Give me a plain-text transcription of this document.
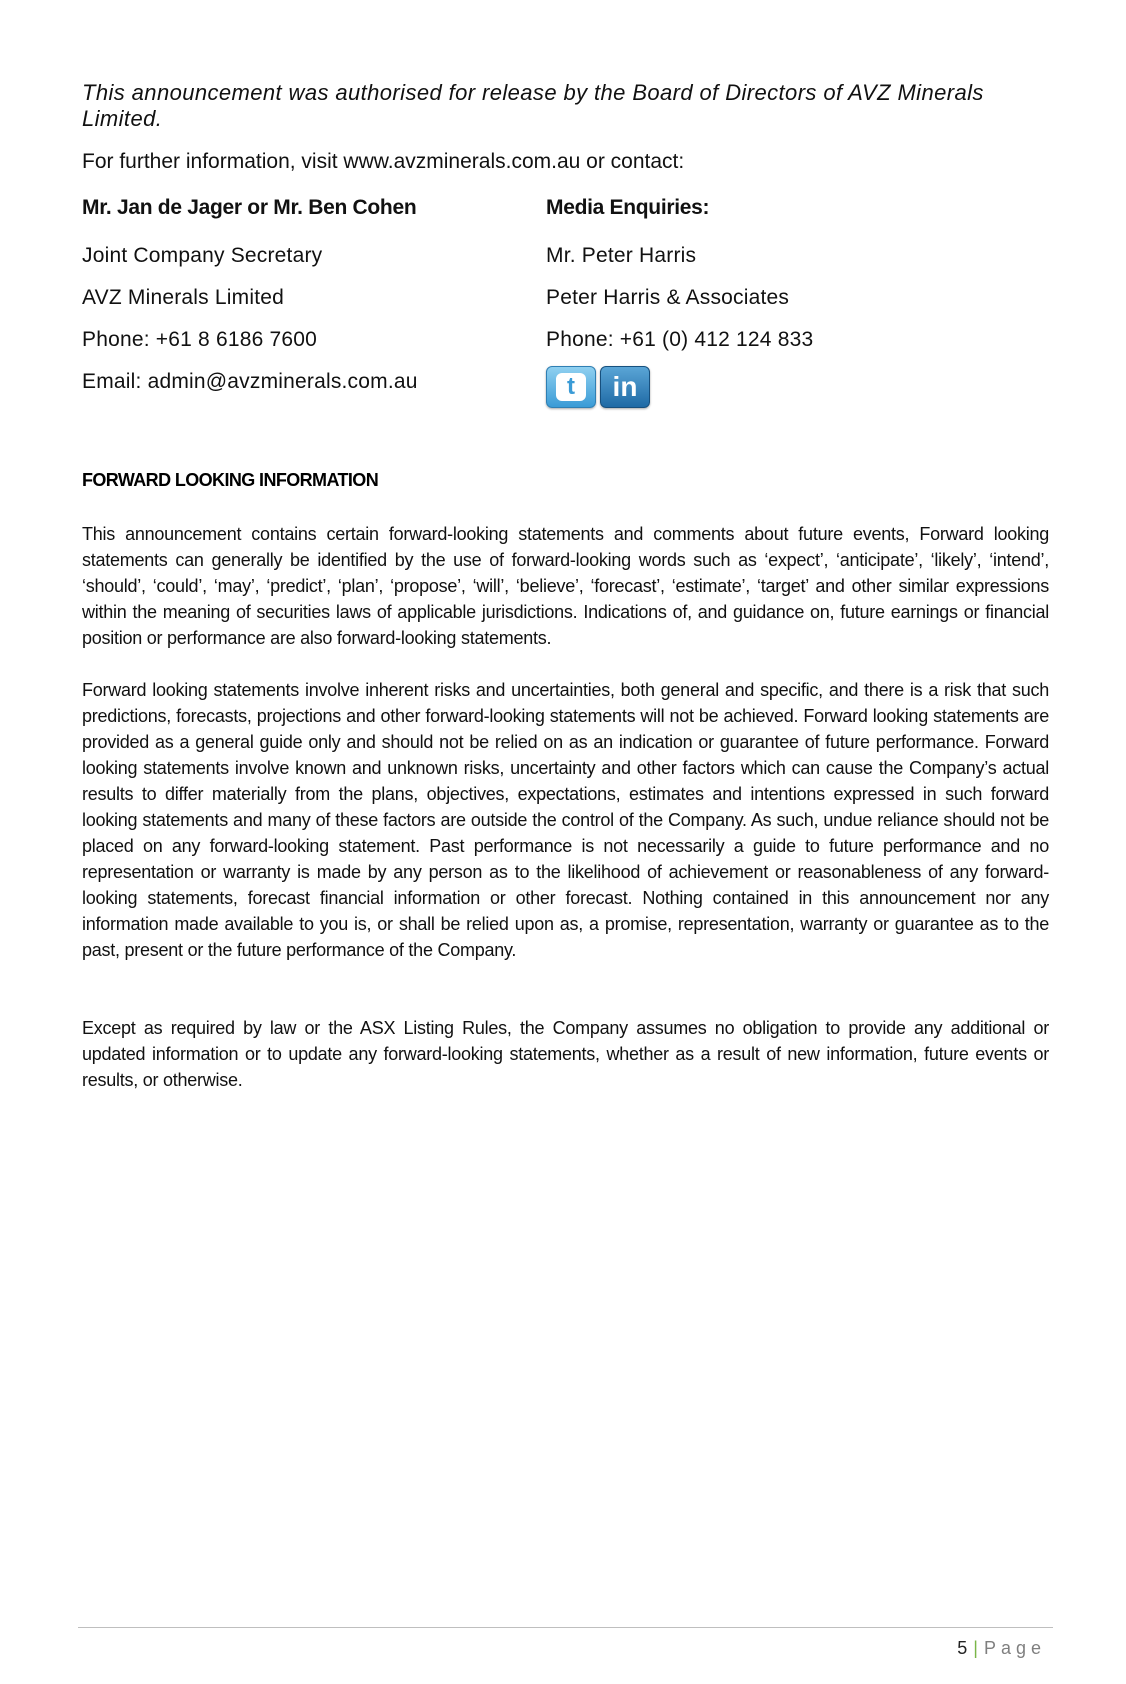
This announcement was authorised for release by the Board of Directors of AVZ Minerals Limited.
For further information, visit www.avzminerals.com.au or contact:
Mr. Jan de Jager or Mr. Ben Cohen
Joint Company Secretary
AVZ Minerals Limited
Phone: +61 8 6186 7600
Email: admin@avzminerals.com.au
Media Enquiries:
Mr. Peter Harris
Peter Harris & Associates
Phone: +61 (0) 412 124 833
t	in
FORWARD LOOKING INFORMATION

This announcement contains certain forward-looking statements and comments about future events, Forward looking statements can generally be identified by the use of forward-looking words such as ‘expect’, ‘anticipate’, ‘likely’, ‘intend’, ‘should’, ‘could’, ‘may’, ‘predict’, ‘plan’, ‘propose’, ‘will’, ‘believe’, ‘forecast’, ‘estimate’, ‘target’ and other similar expressions within the meaning of securities laws of applicable jurisdictions. Indications of, and guidance on, future earnings or financial position or performance are also forward-looking statements.

Forward looking statements involve inherent risks and uncertainties, both general and specific, and there is a risk that such predictions, forecasts, projections and other forward-looking statements will not be achieved. Forward looking statements are provided as a general guide only and should not be relied on as an indication or guarantee of future performance. Forward looking statements involve known and unknown risks, uncertainty and other factors which can cause the Company’s actual results to differ materially from the plans, objectives, expectations, estimates and intentions expressed in such forward looking statements and many of these factors are outside the control of the Company. As such, undue reliance should not be placed on any forward-looking statement. Past performance is not necessarily a guide to future performance and no representation or warranty is made by any person as to the likelihood of achievement or reasonableness of any forward-looking statements, forecast financial information or other forecast. Nothing contained in this announcement nor any information made available to you is, or shall be relied upon as, a promise, representation, warranty or guarantee as to the past, present or the future performance of the Company.

Except as required by law or the ASX Listing Rules, the Company assumes no obligation to provide any additional or updated information or to update any forward-looking statements, whether as a result of new information, future events or results, or otherwise.

5 | Page
